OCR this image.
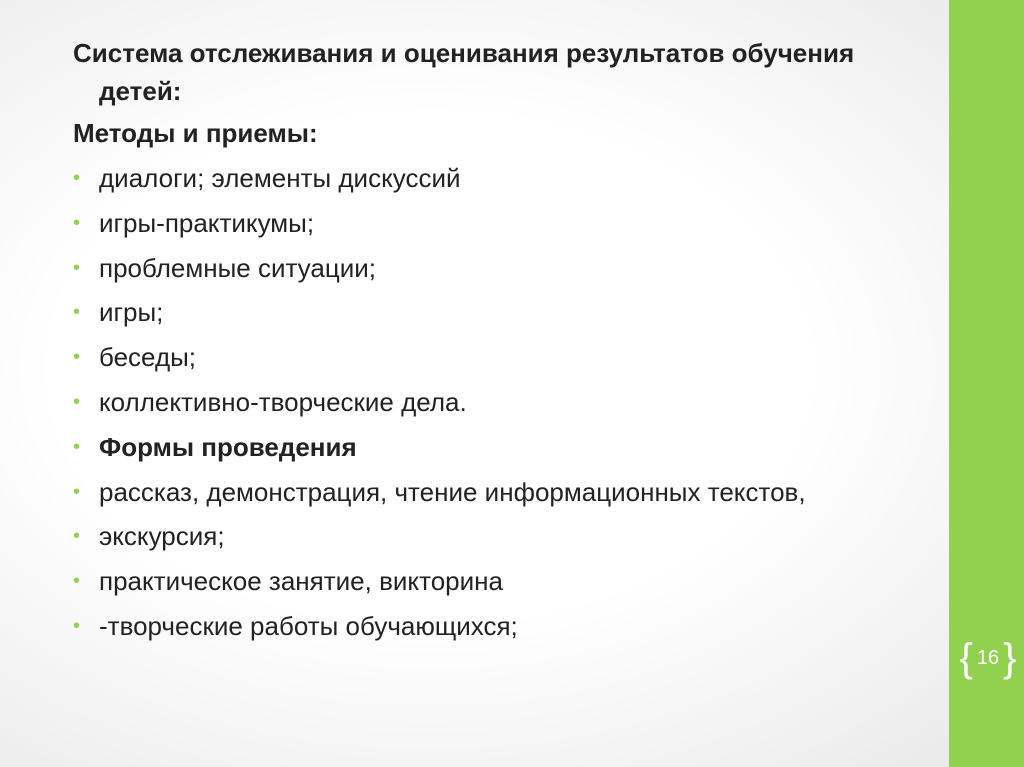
Система отслеживания и оценивания результатов обучения детей:

Методы и приемы:

• диалоги; элементы дискуссий
• игры-практикумы;
• проблемные ситуации;
• игры;
• беседы;
• коллективно-творческие дела.
• Формы проведения
• рассказ, демонстрация, чтение информационных текстов,
• экскурсия;
• практическое занятие, викторина
• -творческие работы обучающихся;
{ 16 }
